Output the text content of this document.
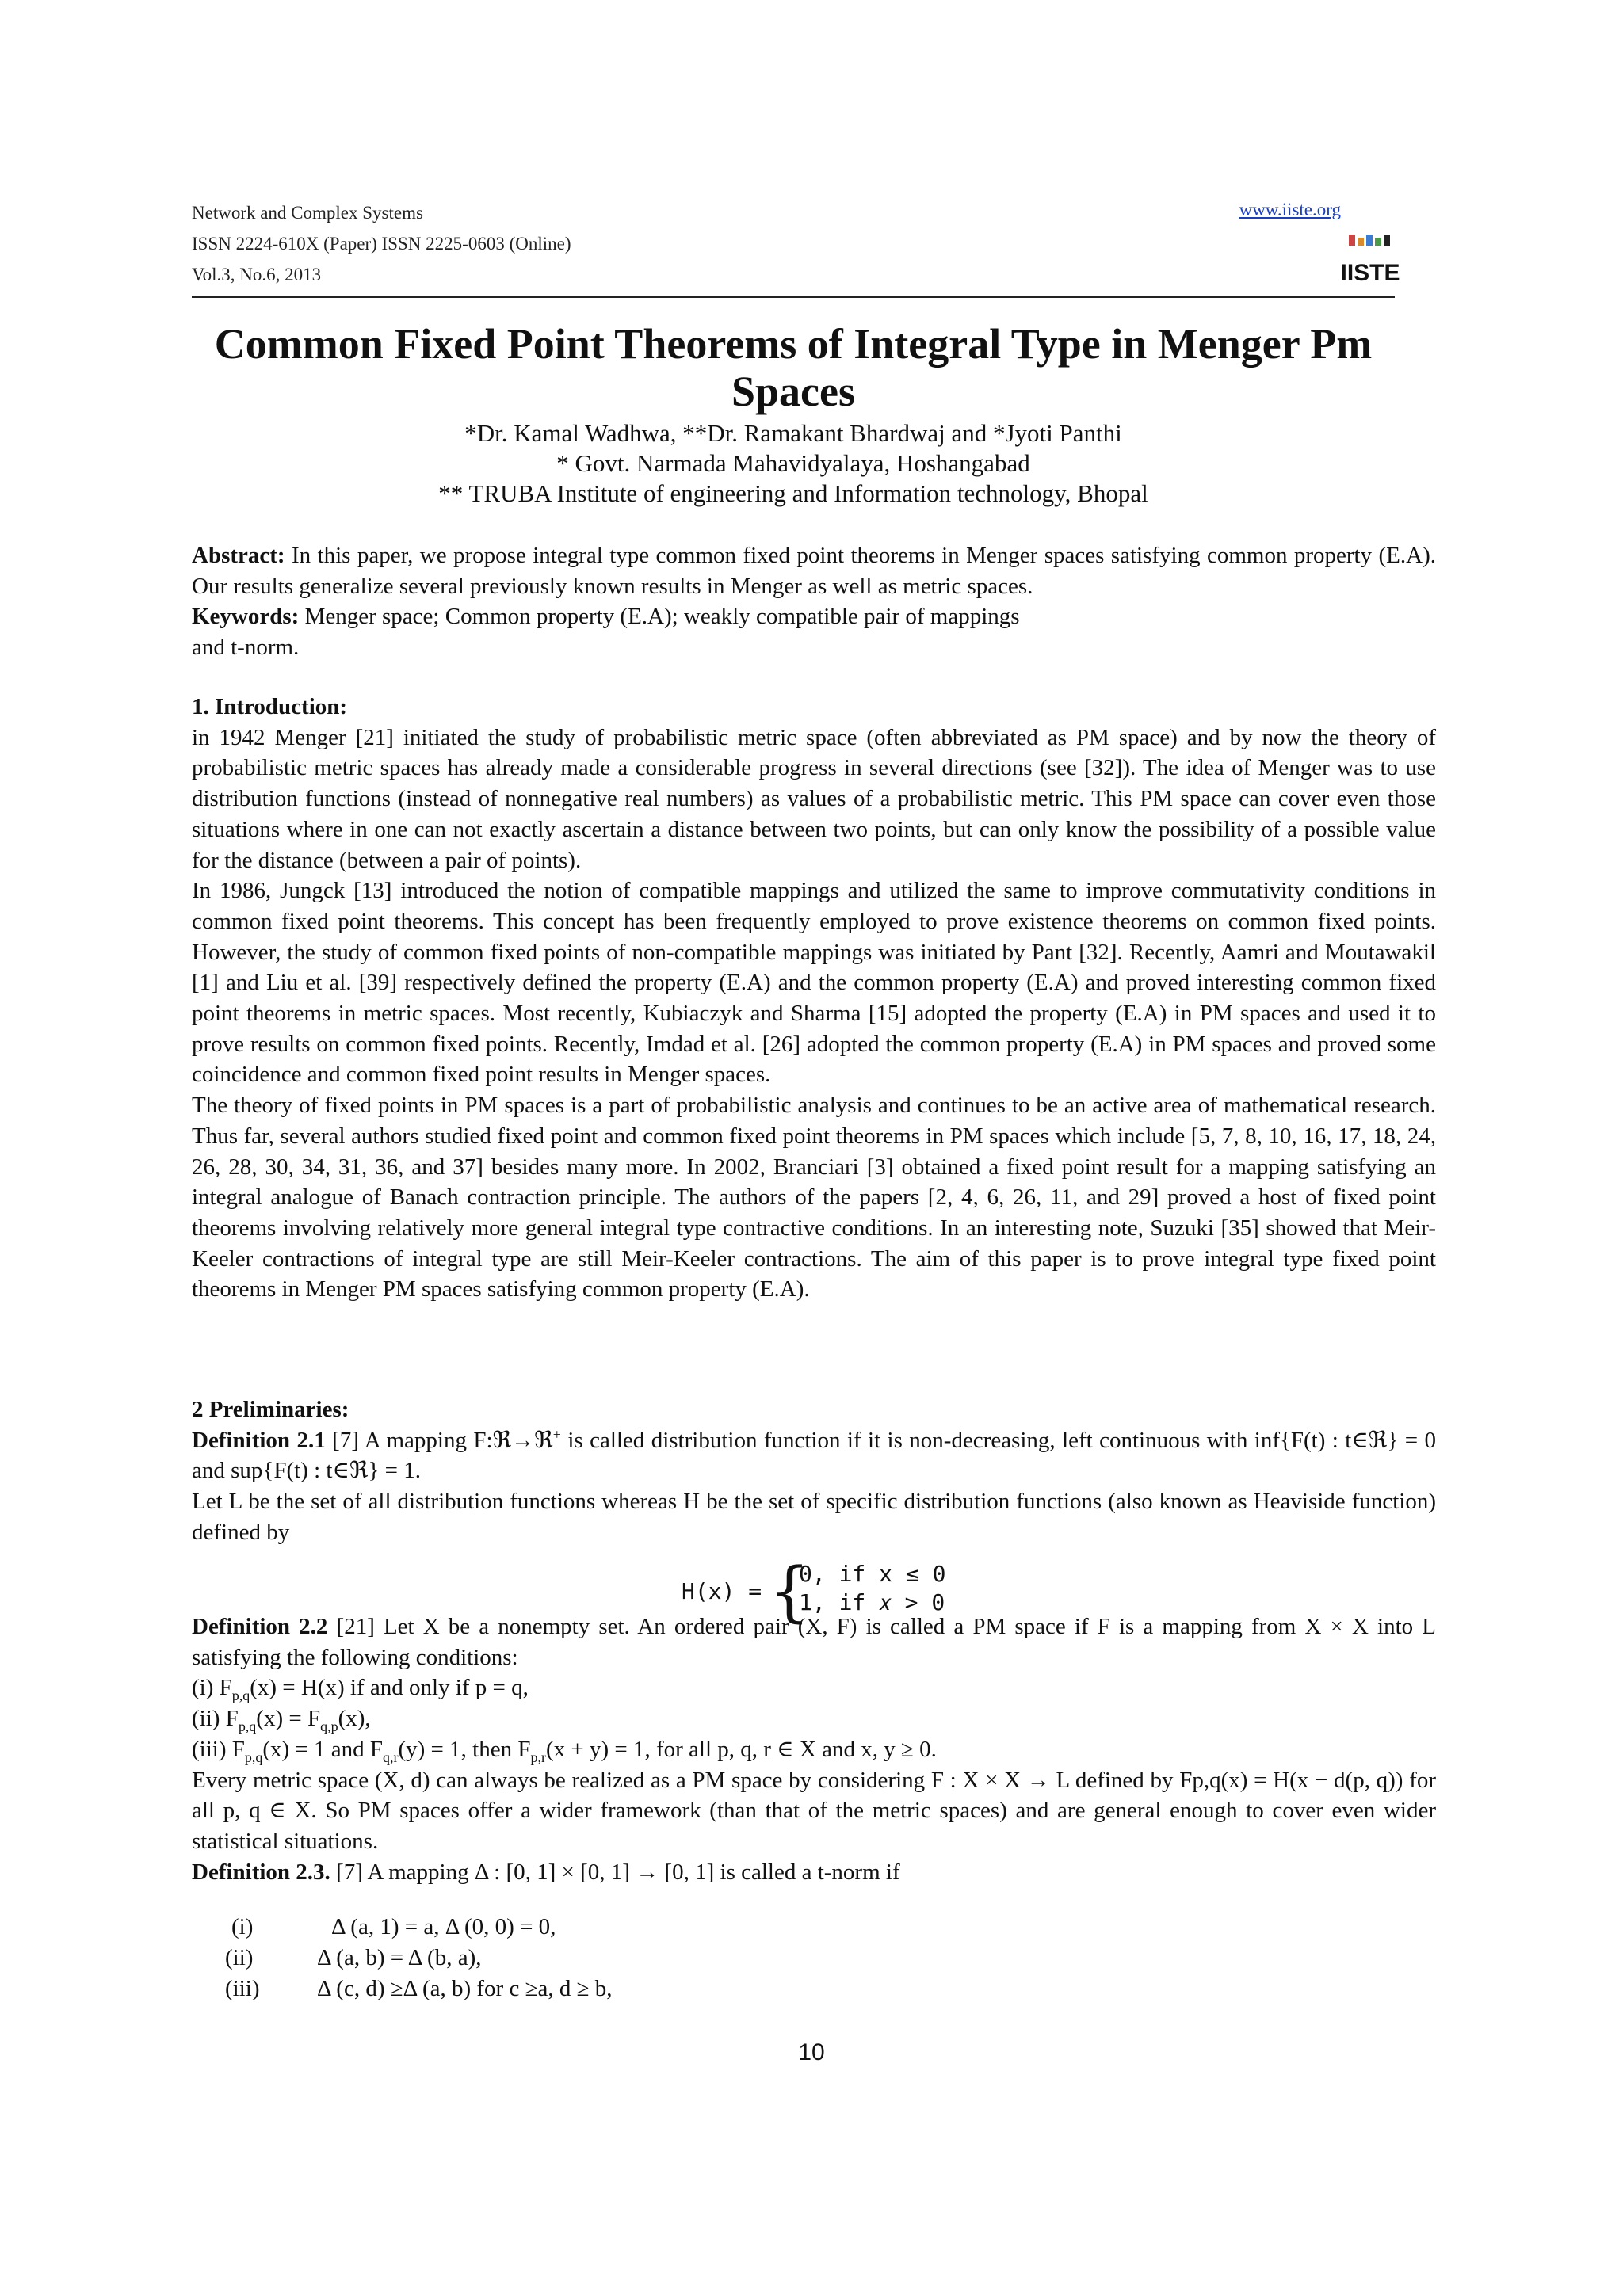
Network and Complex Systems
ISSN 2224-610X (Paper) ISSN 2225-0603 (Online)
Vol.3, No.6, 2013
www.iiste.org
IISTE
Common Fixed Point Theorems of Integral Type in Menger Pm Spaces
*Dr. Kamal Wadhwa, **Dr. Ramakant Bhardwaj and *Jyoti Panthi
* Govt. Narmada Mahavidyalaya, Hoshangabad
** TRUBA Institute of engineering and Information technology, Bhopal

Abstract: In this paper, we propose integral type common fixed point theorems in Menger spaces satisfying common property (E.A). Our results generalize several previously known results in Menger as well as metric spaces.

Keywords: Menger space; Common property (E.A); weakly compatible pair of mappings

and t-norm.

1. Introduction:

in 1942 Menger [21] initiated the study of probabilistic metric space (often abbreviated as PM space) and by now the theory of probabilistic metric spaces has already made a considerable progress in several directions (see [32]). The idea of Menger was to use distribution functions (instead of nonnegative real numbers) as values of a probabilistic metric. This PM space can cover even those situations where in one can not exactly ascertain a distance between two points, but can only know the possibility of a possible value for the distance (between a pair of points).

In 1986, Jungck [13] introduced the notion of compatible mappings and utilized the same to improve commutativity conditions in common fixed point theorems. This concept has been frequently employed to prove existence theorems on common fixed points. However, the study of common fixed points of non-compatible mappings was initiated by Pant [32]. Recently, Aamri and Moutawakil [1] and Liu et al. [39] respectively defined the property (E.A) and the common property (E.A) and proved interesting common fixed point theorems in metric spaces. Most recently, Kubiaczyk and Sharma [15] adopted the property (E.A) in PM spaces and used it to prove results on common fixed points. Recently, Imdad et al. [26] adopted the common property (E.A) in PM spaces and proved some coincidence and common fixed point results in Menger spaces.

The theory of fixed points in PM spaces is a part of probabilistic analysis and continues to be an active area of mathematical research. Thus far, several authors studied fixed point and common fixed point theorems in PM spaces which include [5, 7, 8, 10, 16, 17, 18, 24, 26, 28, 30, 34, 31, 36, and 37] besides many more. In 2002, Branciari [3] obtained a fixed point result for a mapping satisfying an integral analogue of Banach contraction principle. The authors of the papers [2, 4, 6, 26, 11, and 29] proved a host of fixed point theorems involving relatively more general integral type contractive conditions. In an interesting note, Suzuki [35] showed that Meir-Keeler contractions of integral type are still Meir-Keeler contractions. The aim of this paper is to prove integral type fixed point theorems in Menger PM spaces satisfying common property (E.A).

2 Preliminaries:

Definition 2.1 [7] A mapping F:ℜ→ℜ+ is called distribution function if it is non-decreasing, left continuous with inf{F(t) : t∈ℜ} = 0 and sup{F(t) : t∈ℜ} = 1.

Let L be the set of all distribution functions whereas H be the set of specific distribution functions (also known as Heaviside function) defined by

H(x) = {
0, if x ≤ 0
1, if 𝑥 > 0

Definition 2.2 [21] Let X be a nonempty set. An ordered pair (X, F) is called a PM space if F is a mapping from X × X into L satisfying the following conditions:

(i) $F_{p,q}(x) = H(x)$ if and only if p = q,

(ii) $F_{p,q}(x) = F_{q,p}(x)$,

(iii) $F_{p,q}(x) = 1$ and $F_{q,r}(y) = 1$, then $F_{p,r}(x + y) = 1$, for all p, q, r ∈ X and x, y ≥ 0.

Every metric space (X, d) can always be realized as a PM space by considering F : X × X → L defined by Fp,q(x) = H(x − d(p, q)) for all p, q ∈ X. So PM spaces offer a wider framework (than that of the metric spaces) and are general enough to cover even wider statistical situations.

Definition 2.3. [7] A mapping Δ : [0, 1] × [0, 1] → [0, 1] is called a t-norm if

(i)	Δ (a, 1) = a, Δ (0, 0) = 0,
(ii)	Δ (a, b) = Δ (b, a),
(iii)	Δ (c, d) ≥Δ (a, b) for c ≥a, d ≥ b,
10
